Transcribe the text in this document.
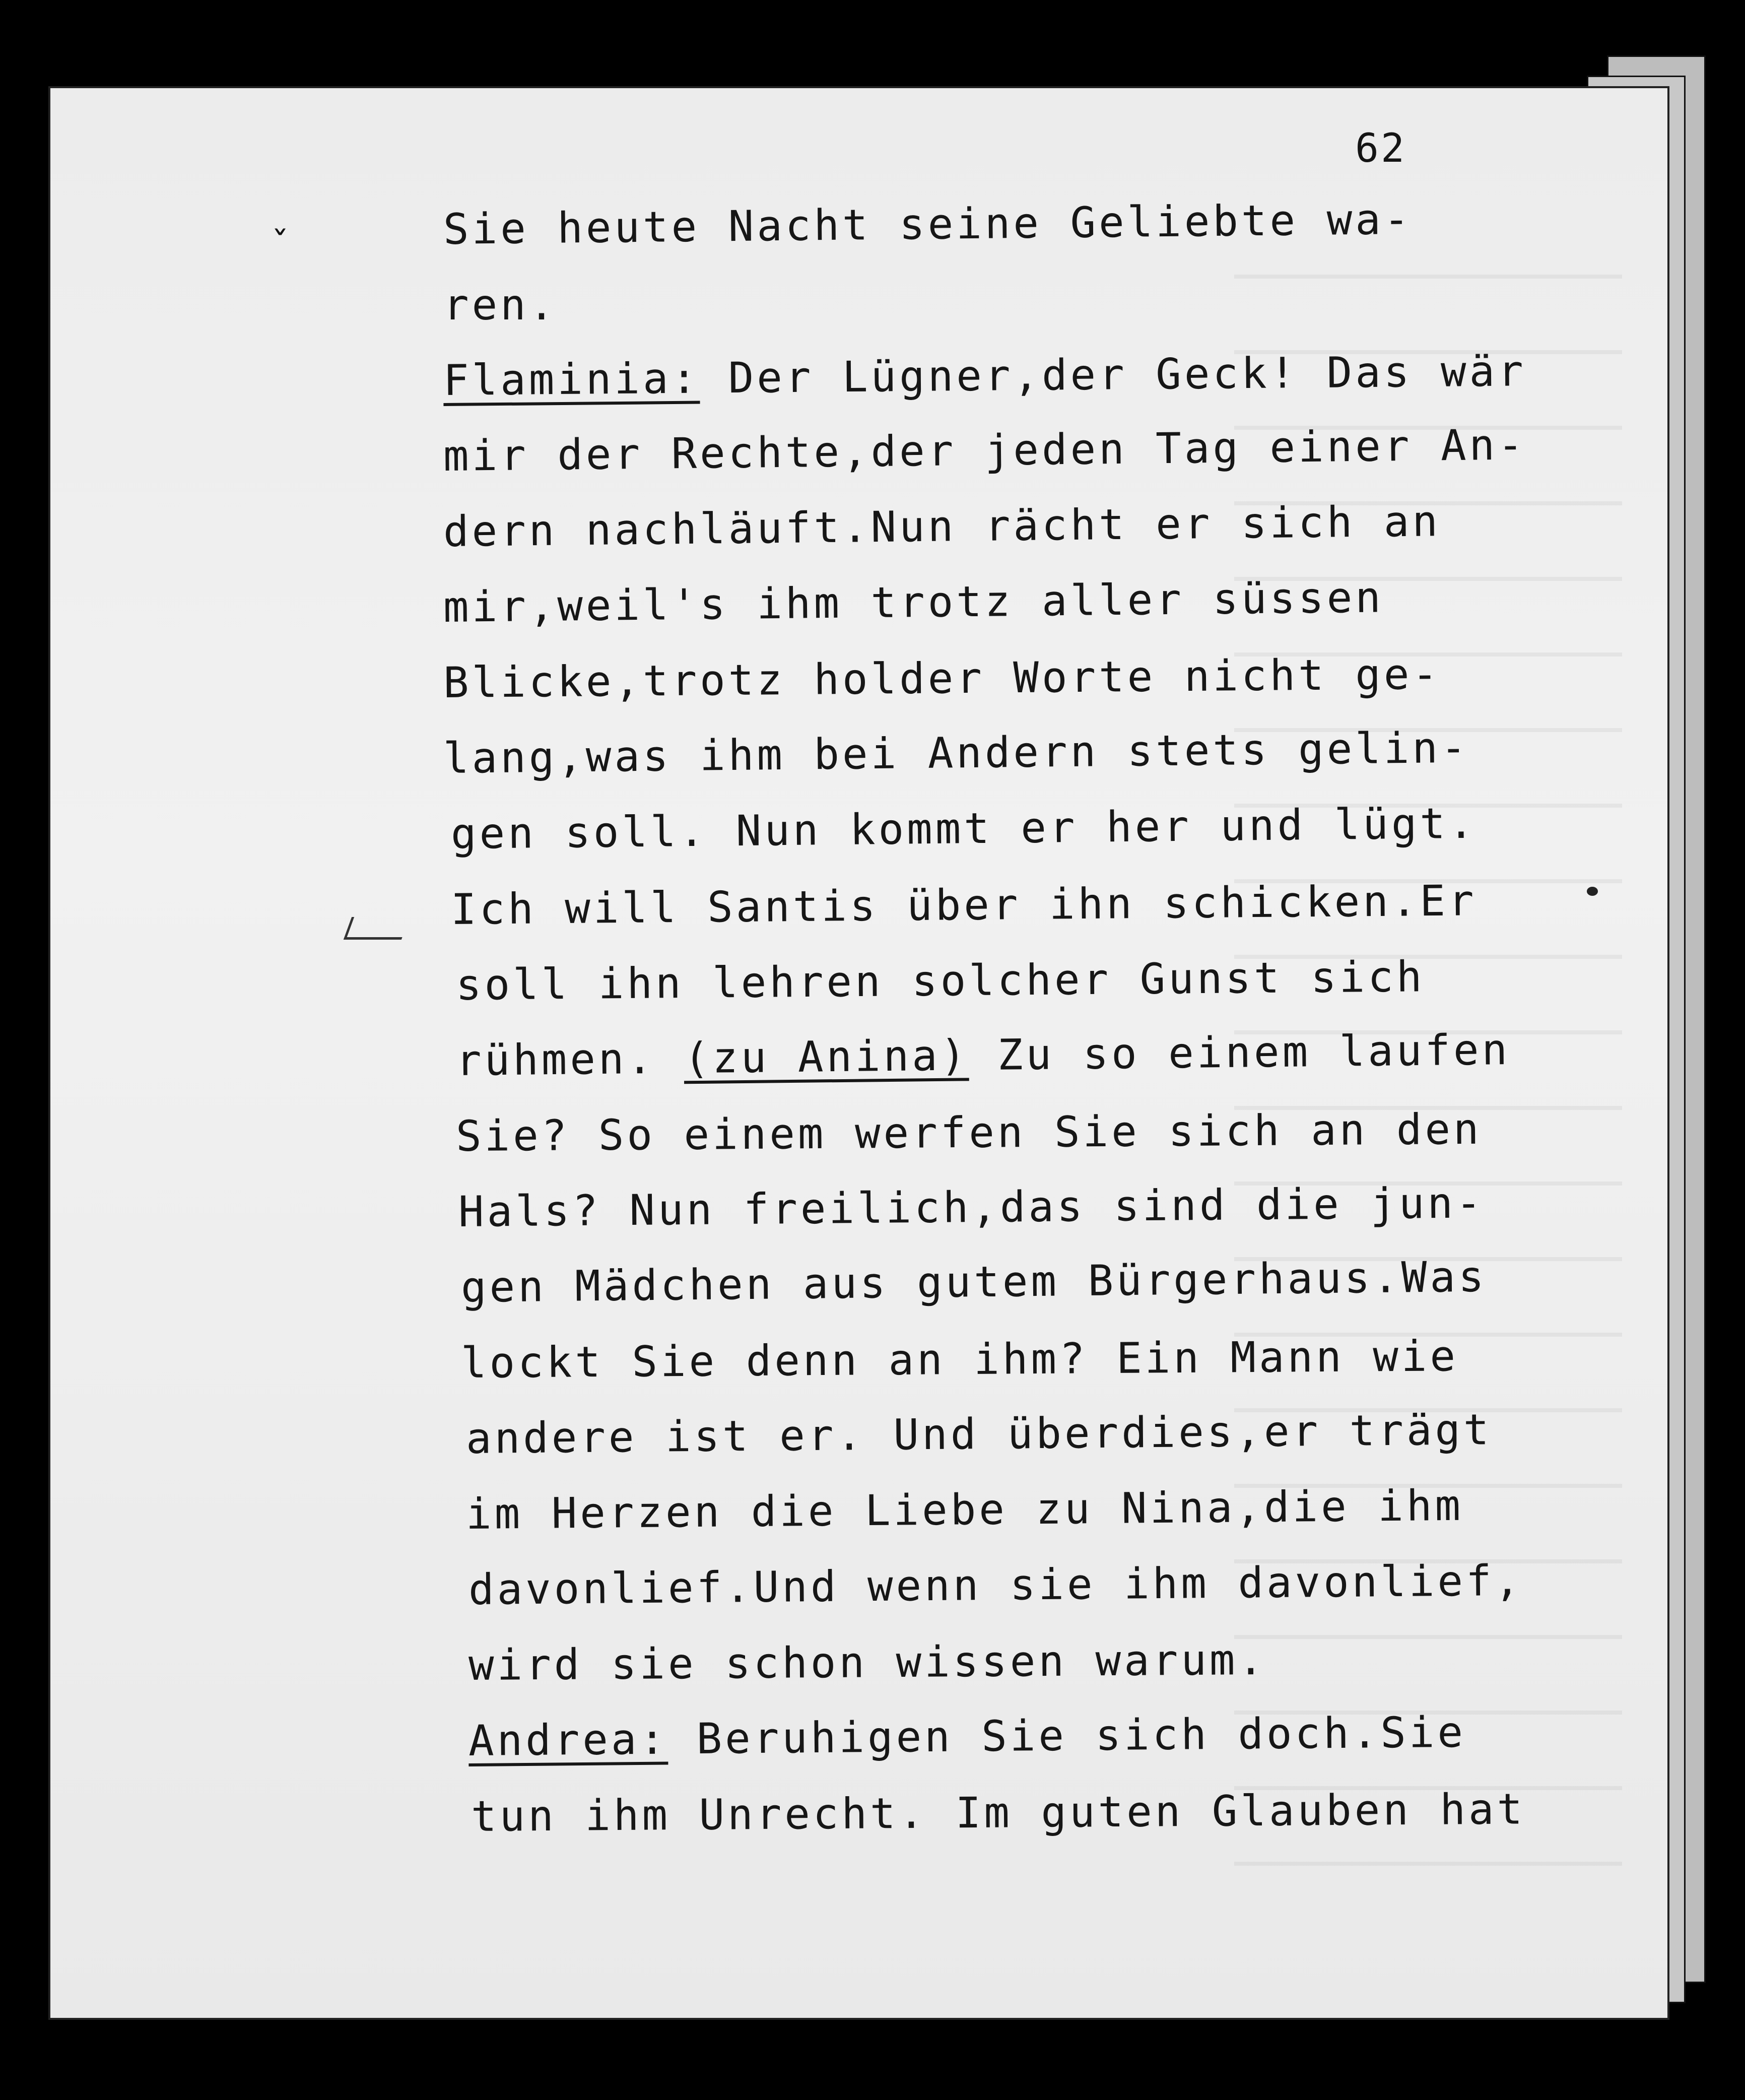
62
ˇ	Sie heute Nacht seine Geliebte wa-
ren.
Flaminia: Der Lügner,der Geck! Das wär
mir der Rechte,der jeden Tag einer An-
dern nachläuft.Nun rächt er sich an
mir,weil's ihm trotz aller süssen
Blicke,trotz holder Worte nicht ge-
lang,was ihm bei Andern stets gelin-
gen soll. Nun kommt er her und lügt.
Ich will Santis über ihn schicken.Er
soll ihn lehren solcher Gunst sich
rühmen. (zu Anina) Zu so einem laufen
Sie? So einem werfen Sie sich an den
Hals? Nun freilich,das sind die jun-
gen Mädchen aus gutem Bürgerhaus.Was
lockt Sie denn an ihm? Ein Mann wie
andere ist er. Und überdies,er trägt
im Herzen die Liebe zu Nina,die ihm
davonlief.Und wenn sie ihm davonlief,
wird sie schon wissen warum.
Andrea: Beruhigen Sie sich doch.Sie
tun ihm Unrecht. Im guten Glauben hat
